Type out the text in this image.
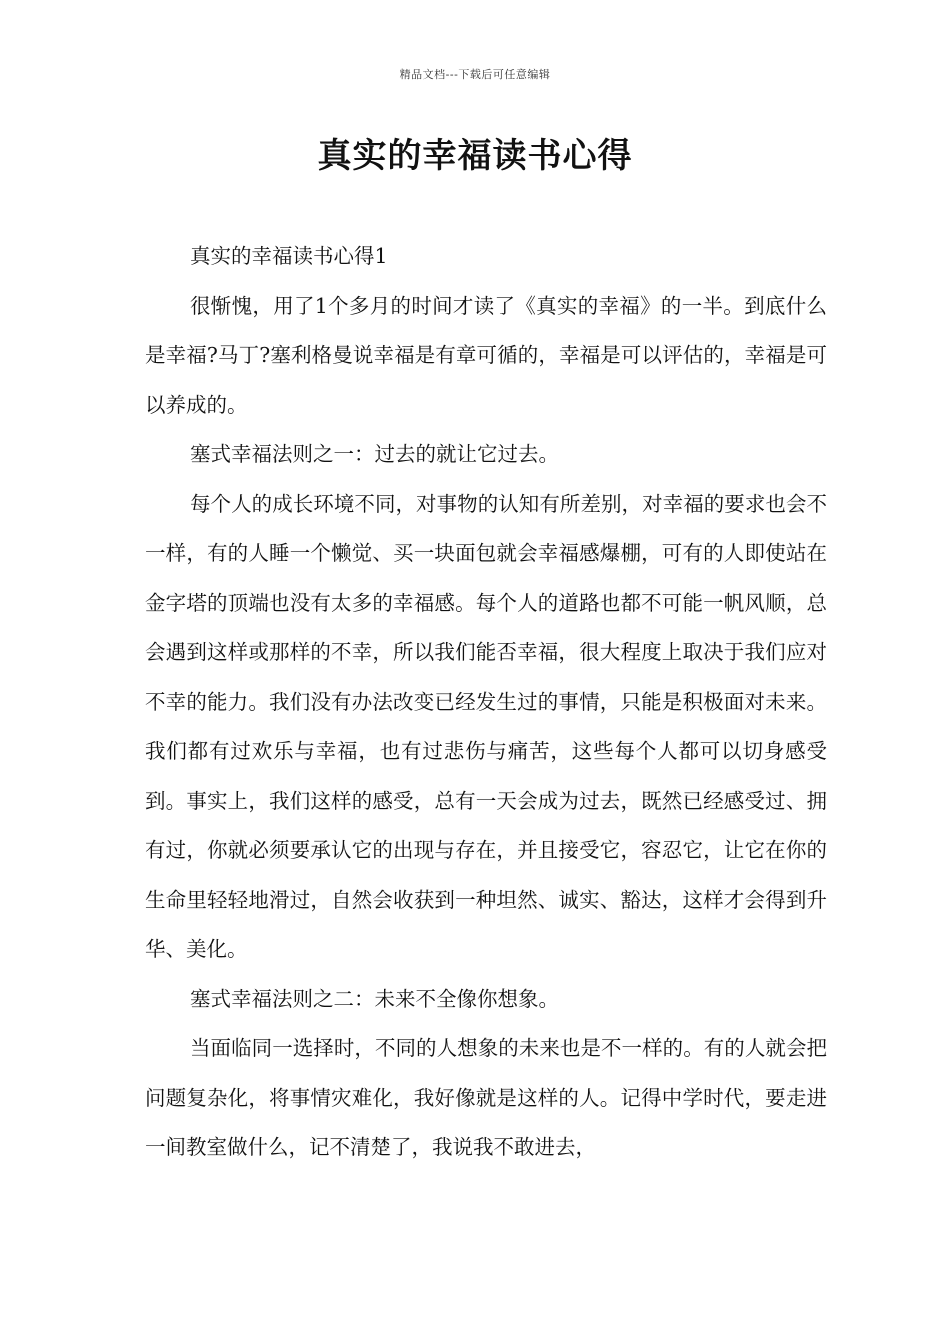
精品文档---下载后可任意编辑
真实的幸福读书心得

真实的幸福读书心得1

很惭愧，用了1个多月的时间才读了《真实的幸福》的一半。到底什么是幸福?马丁?塞利格曼说幸福是有章可循的，幸福是可以评估的，幸福是可以养成的。

塞式幸福法则之一：过去的就让它过去。

每个人的成长环境不同，对事物的认知有所差别，对幸福的要求也会不一样，有的人睡一个懒觉、买一块面包就会幸福感爆棚，可有的人即使站在金字塔的顶端也没有太多的幸福感。每个人的道路也都不可能一帆风顺，总会遇到这样或那样的不幸，所以我们能否幸福，很大程度上取决于我们应对不幸的能力。我们没有办法改变已经发生过的事情，只能是积极面对未来。我们都有过欢乐与幸福，也有过悲伤与痛苦，这些每个人都可以切身感受到。事实上，我们这样的感受，总有一天会成为过去，既然已经感受过、拥有过，你就必须要承认它的出现与存在，并且接受它，容忍它，让它在你的生命里轻轻地滑过，自然会收获到一种坦然、诚实、豁达，这样才会得到升华、美化。

塞式幸福法则之二：未来不全像你想象。

当面临同一选择时，不同的人想象的未来也是不一样的。有的人就会把问题复杂化，将事情灾难化，我好像就是这样的人。记得中学时代，要走进一间教室做什么，记不清楚了，我说我不敢进去，
